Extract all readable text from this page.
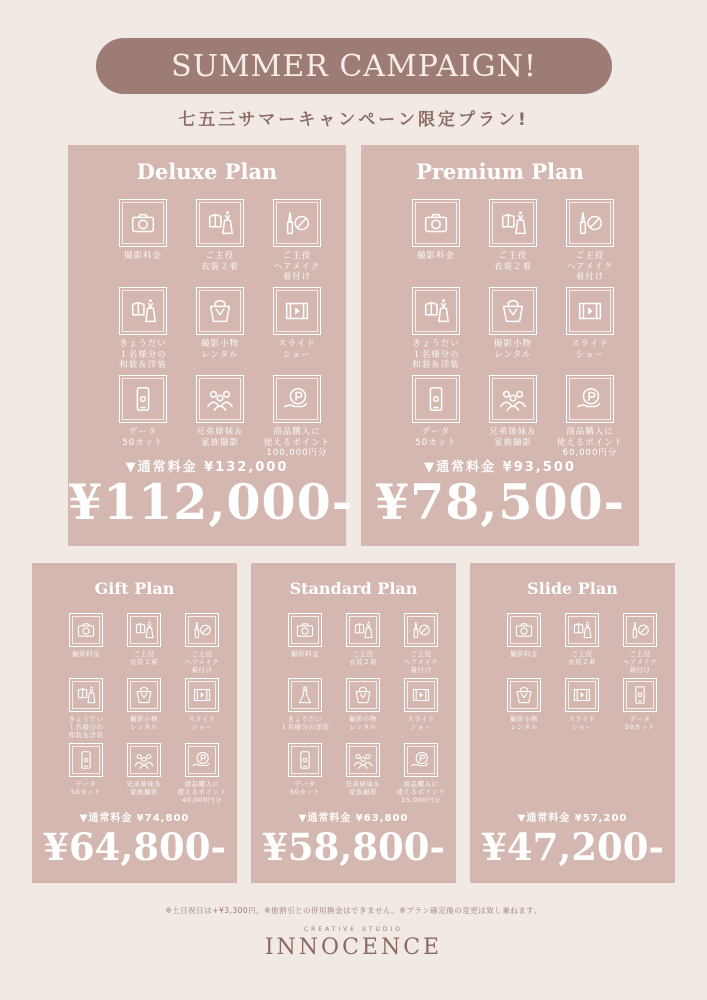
SUMMER CAMPAIGN!
七五三サマーキャンペーン限定プラン!
Deluxe Plan
撮影料金	ご主役
衣装２着
ご主役
ヘアメイク
着付け
きょうだい
１名様分の
和装＆洋装
撮影小物
レンタル
スライド
ショー
データ
50カット
兄弟姉妹＆
家族撮影
商品購入に
使えるポイント
100,000円分
▼通常料金 ¥132,000
¥112,000-
Premium Plan
撮影料金	ご主役
衣装２着
ご主役
ヘアメイク
着付け
きょうだい
１名様分の
和装＆洋装
撮影小物
レンタル
スライド
ショー
データ
50カット
兄弟姉妹＆
家族撮影
商品購入に
使えるポイント
60,000円分
▼通常料金 ¥93,500
¥78,500-
Gift Plan
撮影料金	ご主役
衣装２着
ご主役
ヘアメイク
着付け
きょうだい
１名様分の
和装＆洋装
撮影小物
レンタル
スライド
ショー
データ
50カット
兄弟姉妹＆
家族撮影
商品購入に
使えるポイント
40,000円分
▼通常料金 ¥74,800
¥64,800-
Standard Plan
撮影料金	ご主役
衣装２着
ご主役
ヘアメイク
着付け
きょうだい
１名様分の洋装
撮影小物
レンタル
スライド
ショー
データ
50カット
兄弟姉妹＆
家族撮影
商品購入に
使えるポイント
15,000円分
▼通常料金 ¥63,800
¥58,800-
Slide Plan
撮影料金	ご主役
衣装２着
ご主役
ヘアメイク
着付け
撮影小物
レンタル
スライド
ショー
データ
50カット
▼通常料金 ¥57,200
¥47,200-
※土日祝日は+¥3,300円。※他割引との併用換金はできません。※プラン確定後の変更は致し兼ねます。
CREATIVE STUDIO
INNOCENCE
